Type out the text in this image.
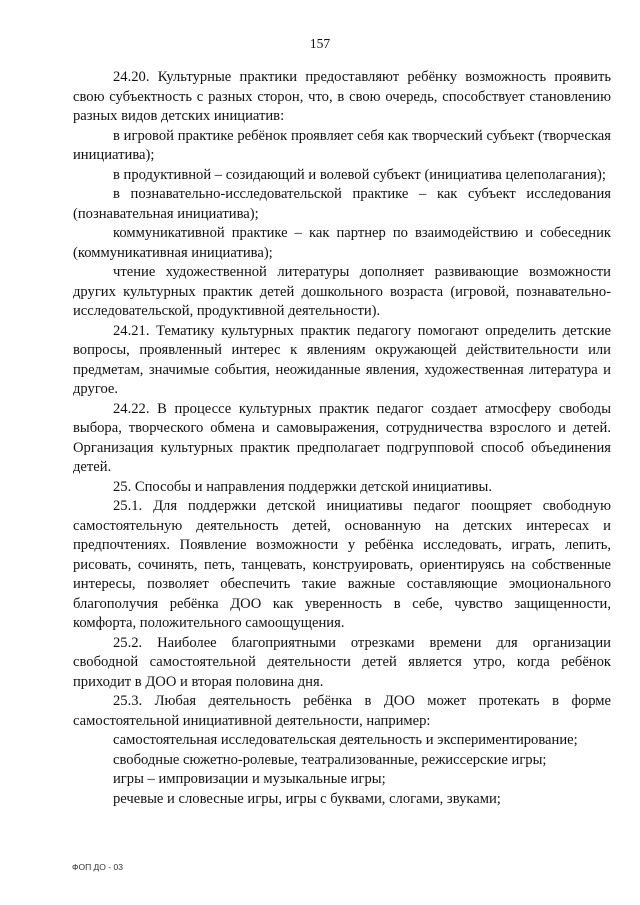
157

24.20. Культурные практики предоставляют ребёнку возможность проявить свою субъектность с разных сторон, что, в свою очередь, способствует становлению разных видов детских инициатив:

в игровой практике ребёнок проявляет себя как творческий субъект (творческая инициатива);

в продуктивной – созидающий и волевой субъект (инициатива целеполагания);

в познавательно-исследовательской практике – как субъект исследования (познавательная инициатива);

коммуникативной практике – как партнер по взаимодействию и собеседник (коммуникативная инициатива);

чтение художественной литературы дополняет развивающие возможности других культурных практик детей дошкольного возраста (игровой, познавательно-исследовательской, продуктивной деятельности).

24.21. Тематику культурных практик педагогу помогают определить детские вопросы, проявленный интерес к явлениям окружающей действительности или предметам, значимые события, неожиданные явления, художественная литература и другое.

24.22. В процессе культурных практик педагог создает атмосферу свободы выбора, творческого обмена и самовыражения, сотрудничества взрослого и детей. Организация культурных практик предполагает подгрупповой способ объединения детей.

25. Способы и направления поддержки детской инициативы.

25.1. Для поддержки детской инициативы педагог поощряет свободную самостоятельную деятельность детей, основанную на детских интересах и предпочтениях. Появление возможности у ребёнка исследовать, играть, лепить, рисовать, сочинять, петь, танцевать, конструировать, ориентируясь на собственные интересы, позволяет обеспечить такие важные составляющие эмоционального благополучия ребёнка ДОО как уверенность в себе, чувство защищенности, комфорта, положительного самоощущения.

25.2. Наиболее благоприятными отрезками времени для организации свободной самостоятельной деятельности детей является утро, когда ребёнок приходит в ДОО и вторая половина дня.

25.3. Любая деятельность ребёнка в ДОО может протекать в форме самостоятельной инициативной деятельности, например:

самостоятельная исследовательская деятельность и экспериментирование;

свободные сюжетно-ролевые, театрализованные, режиссерские игры;

игры – импровизации и музыкальные игры;

речевые и словесные игры, игры с буквами, слогами, звуками;

ФОП ДО - 03
